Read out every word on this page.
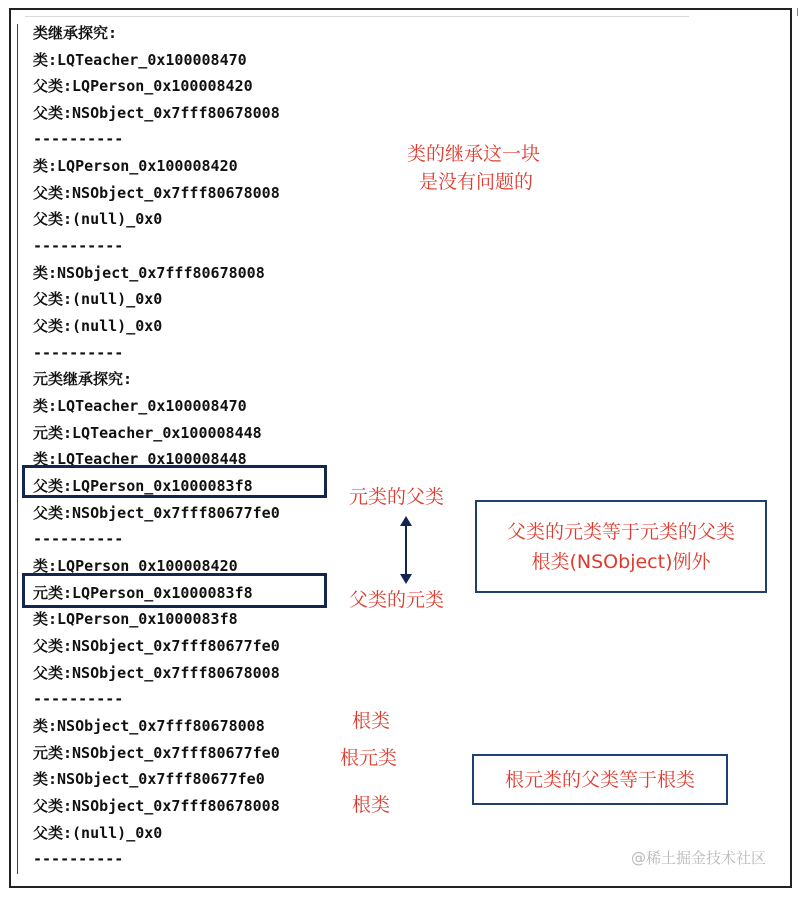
类继承探究:
类:LQTeacher_0x100008470
父类:LQPerson_0x100008420
父类:NSObject_0x7fff80678008
----------
类:LQPerson_0x100008420
父类:NSObject_0x7fff80678008
父类:(null)_0x0
----------
类:NSObject_0x7fff80678008
父类:(null)_0x0
父类:(null)_0x0
----------
元类继承探究:
类:LQTeacher_0x100008470
元类:LQTeacher_0x100008448
类:LQTeacher_0x100008448
父类:LQPerson_0x1000083f8
父类:NSObject_0x7fff80677fe0
----------
类:LQPerson_0x100008420
元类:LQPerson_0x1000083f8
类:LQPerson_0x1000083f8
父类:NSObject_0x7fff80677fe0
父类:NSObject_0x7fff80678008
----------
类:NSObject_0x7fff80678008
元类:NSObject_0x7fff80677fe0
类:NSObject_0x7fff80677fe0
父类:NSObject_0x7fff80678008
父类:(null)_0x0
----------
类的继承这一块
是没有问题的
元类的父类
父类的元类
父类的元类等于元类的父类
根类(NSObject)例外
根类
根元类
根类
根元类的父类等于根类
@稀土掘金技术社区
